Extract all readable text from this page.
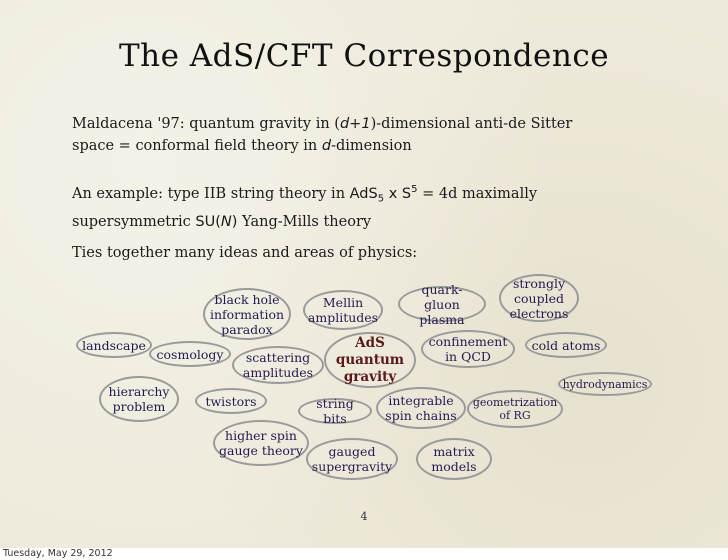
The AdS/CFT Correspondence
Maldacena '97: quantum gravity in (d+1)-dimensional anti-de Sitter
space = conformal field theory in d-dimension
An example: type IIB string theory in AdS$_5$ x $S^5 = 4d$ maximally
supersymmetric SU(N) Yang-Mills theory
Ties together many ideas and areas of physics:
black hole
information
paradox
Mellin
amplitudes
quark-gluon
plasma
strongly
coupled
electrons
landscape
cosmology scattering
amplitudes
AdS
quantum
gravity
confinement
in QCD
cold atoms
hydrodynamics
hierarchy
problem	twistors	string bits
integrable
spin chains
geometrization
of RG
higher spin
gauge theory	gauged
supergravity
matrix
models
4
Tuesday, May 29, 2012
